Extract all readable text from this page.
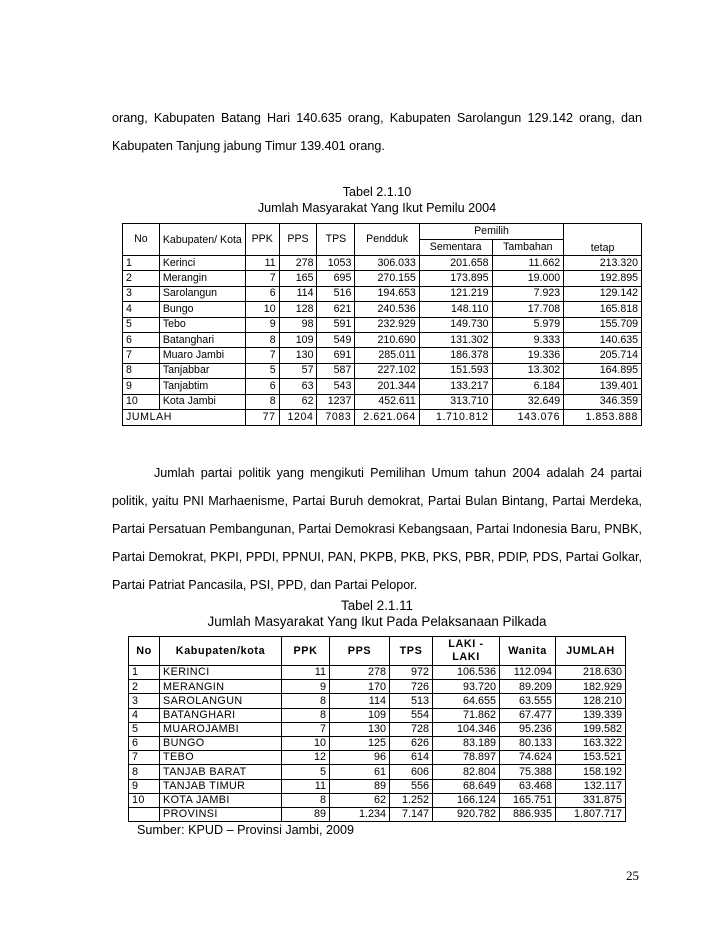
orang, Kabupaten Batang Hari 140.635 orang, Kabupaten Sarolangun 129.142 orang, dan Kabupaten Tanjung jabung Timur 139.401 orang.

Tabel 2.1.10
Jumlah Masyarakat Yang Ikut Pemilu 2004
No	Kabupaten/ Kota	PPK	PPS	TPS	Pendduk	Pemilih		tetap
						Sementara	Tambahan	
1	Kerinci	11	278	1053	306.033	201.658	11.662	213.320
2	Merangin	7	165	695	270.155	173.895	19.000	192.895
3	Sarolangun	6	114	516	194.653	121.219	7.923	129.142
4	Bungo	10	128	621	240.536	148.110	17.708	165.818
5	Tebo	9	98	591	232.929	149.730	5.979	155.709
6	Batanghari	8	109	549	210.690	131.302	9.333	140.635
7	Muaro Jambi	7	130	691	285.011	186.378	19.336	205.714
8	Tanjabbar	5	57	587	227.102	151.593	13.302	164.895
9	Tanjabtim	6	63	543	201.344	133.217	6.184	139.401
10	Kota Jambi	8	62	1237	452.611	313.710	32.649	346.359
JUMLAH		77	1204	7083	2.621.064	1.710.812	143.076	1.853.888

Jumlah partai politik yang mengikuti Pemilihan Umum tahun 2004 adalah 24 partai politik, yaitu PNI Marhaenisme, Partai Buruh demokrat, Partai Bulan Bintang, Partai Merdeka, Partai Persatuan Pembangunan, Partai Demokrasi Kebangsaan, Partai Indonesia Baru, PNBK, Partai Demokrat, PKPI, PPDI, PPNUI, PAN, PKPB, PKB, PKS, PBR, PDIP, PDS, Partai Golkar, Partai Patriat Pancasila, PSI, PPD, dan Partai Pelopor.

Tabel 2.1.11
Jumlah Masyarakat Yang Ikut Pada Pelaksanaan Pilkada
No	Kabupaten/kota	PPK	PPS	TPS	LAKI - LAKI	Wanita	JUMLAH
1	KERINCI	11	278	972	106.536	112.094	218.630
2	MERANGIN	9	170	726	93.720	89.209	182.929
3	SAROLANGUN	8	114	513	64.655	63.555	128.210
4	BATANGHARI	8	109	554	71.862	67.477	139.339
5	MUAROJAMBI	7	130	728	104.346	95.236	199.582
6	BUNGO	10	125	626	83.189	80.133	163.322
7	TEBO	12	96	614	78.897	74.624	153.521
8	TANJAB BARAT	5	61	606	82.804	75.388	158.192
9	TANJAB TIMUR	11	89	556	68.649	63.468	132.117
10	KOTA JAMBI	8	62	1.252	166.124	165.751	331.875
	PROVINSI	89	1.234	7.147	920.782	886.935	1.807.717
Sumber: KPUD – Provinsi Jambi, 2009
25
